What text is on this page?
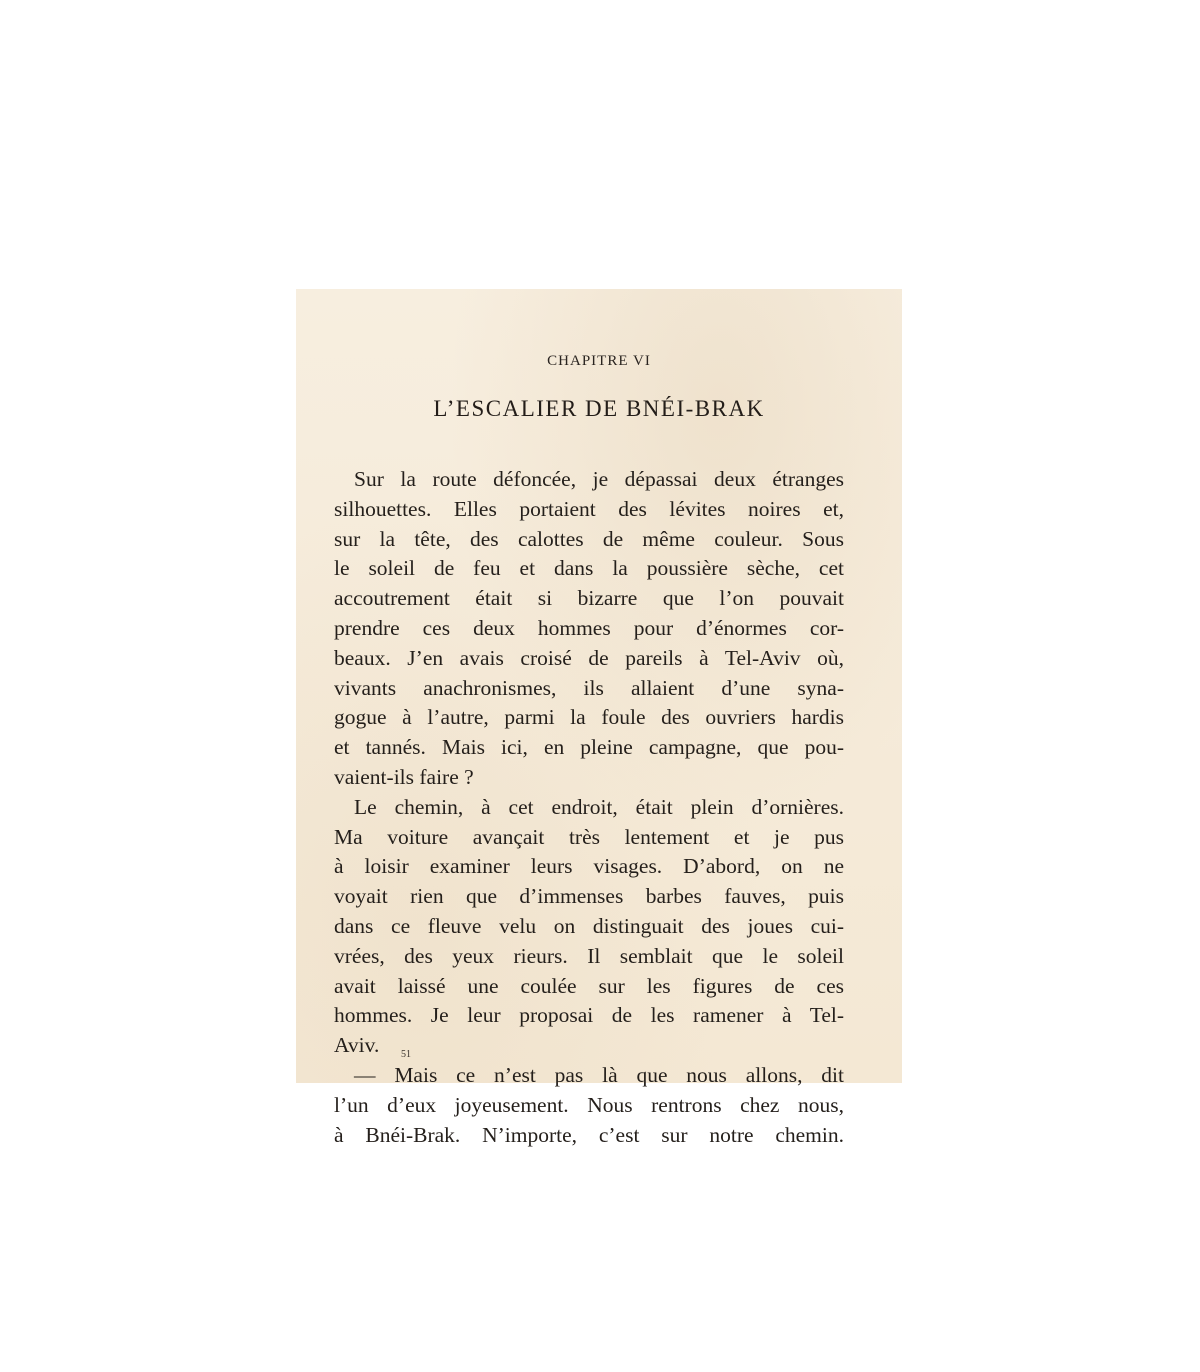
CHAPITRE VI
L’ESCALIER DE BNÉI-BRAK
Sur la route défoncée, je dépassai deux étranges
silhouettes. Elles portaient des lévites noires et,
sur la tête, des calottes de même couleur. Sous
le soleil de feu et dans la poussière sèche, cet
accoutrement était si bizarre que l’on pouvait
prendre ces deux hommes pour d’énormes cor-
beaux. J’en avais croisé de pareils à Tel-Aviv où,
vivants anachronismes, ils allaient d’une syna-
gogue à l’autre, parmi la foule des ouvriers hardis
et tannés. Mais ici, en pleine campagne, que pou-
vaient-ils faire ?
Le chemin, à cet endroit, était plein d’ornières.
Ma voiture avançait très lentement et je pus
à loisir examiner leurs visages. D’abord, on ne
voyait rien que d’immenses barbes fauves, puis
dans ce fleuve velu on distinguait des joues cui-
vrées, des yeux rieurs. Il semblait que le soleil
avait laissé une coulée sur les figures de ces
hommes. Je leur proposai de les ramener à Tel-
Aviv.
— Mais ce n’est pas là que nous allons, dit
l’un d’eux joyeusement. Nous rentrons chez nous,
à Bnéi-Brak. N’importe, c’est sur notre chemin.
51
